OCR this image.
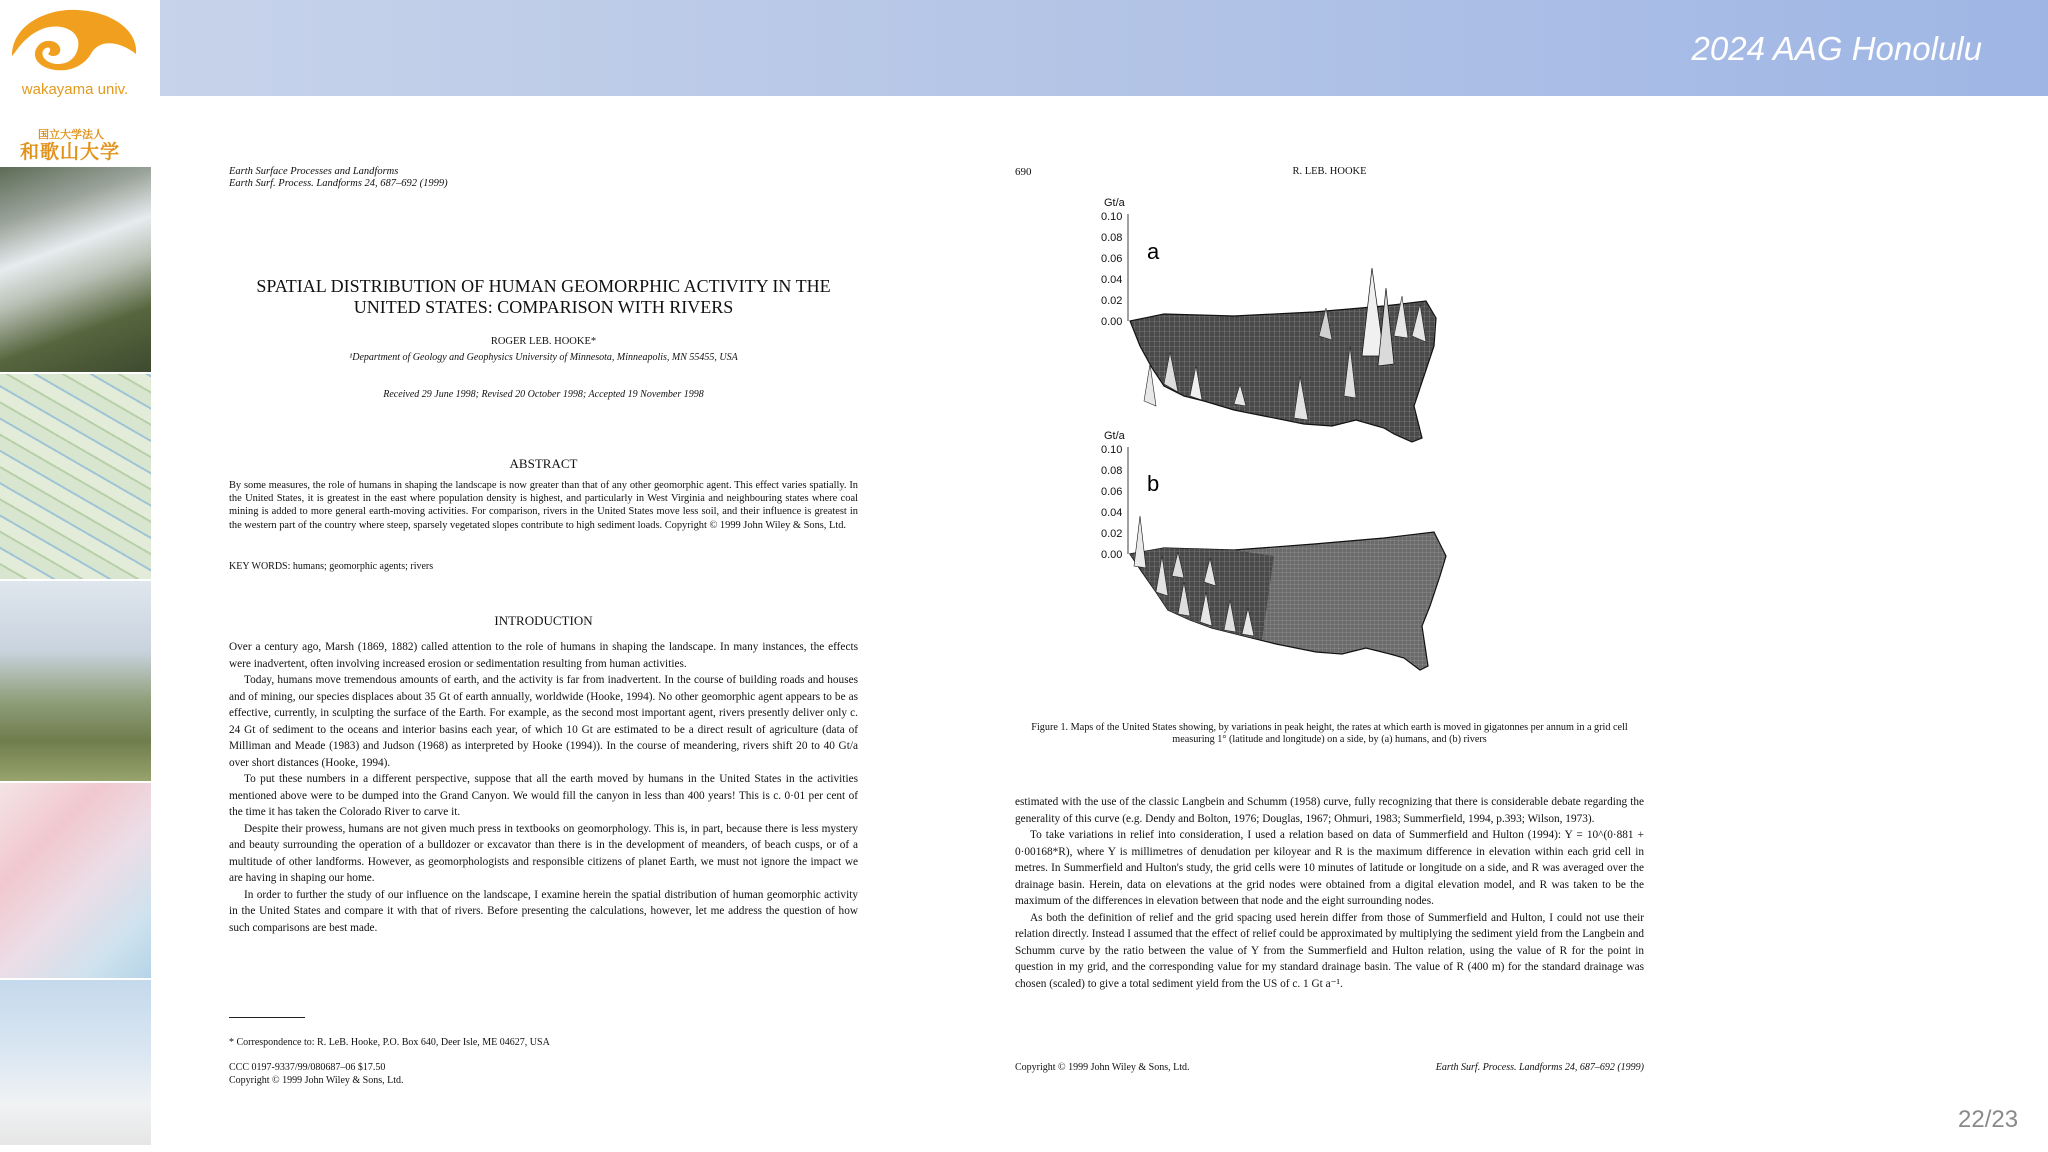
wakayama univ.
国立大学法人
和歌山大学
2024 AAG Honolulu
Earth Surface Processes and Landforms
Earth Surf. Process. Landforms 24, 687–692 (1999)
SPATIAL DISTRIBUTION OF HUMAN GEOMORPHIC ACTIVITY IN THE UNITED STATES: COMPARISON WITH RIVERS
ROGER LEB. HOOKE*
¹Department of Geology and Geophysics University of Minnesota, Minneapolis, MN 55455, USA
Received 29 June 1998; Revised 20 October 1998; Accepted 19 November 1998
ABSTRACT
By some measures, the role of humans in shaping the landscape is now greater than that of any other geomorphic agent. This effect varies spatially. In the United States, it is greatest in the east where population density is highest, and particularly in West Virginia and neighbouring states where coal mining is added to more general earth-moving activities. For comparison, rivers in the United States move less soil, and their influence is greatest in the western part of the country where steep, sparsely vegetated slopes contribute to high sediment loads. Copyright © 1999 John Wiley & Sons, Ltd.
KEY WORDS: humans; geomorphic agents; rivers
INTRODUCTION

Over a century ago, Marsh (1869, 1882) called attention to the role of humans in shaping the landscape. In many instances, the effects were inadvertent, often involving increased erosion or sedimentation resulting from human activities.

Today, humans move tremendous amounts of earth, and the activity is far from inadvertent. In the course of building roads and houses and of mining, our species displaces about 35 Gt of earth annually, worldwide (Hooke, 1994). No other geomorphic agent appears to be as effective, currently, in sculpting the surface of the Earth. For example, as the second most important agent, rivers presently deliver only c. 24 Gt of sediment to the oceans and interior basins each year, of which 10 Gt are estimated to be a direct result of agriculture (data of Milliman and Meade (1983) and Judson (1968) as interpreted by Hooke (1994)). In the course of meandering, rivers shift 20 to 40 Gt/a over short distances (Hooke, 1994).

To put these numbers in a different perspective, suppose that all the earth moved by humans in the United States in the activities mentioned above were to be dumped into the Grand Canyon. We would fill the canyon in less than 400 years! This is c. 0·01 per cent of the time it has taken the Colorado River to carve it.

Despite their prowess, humans are not given much press in textbooks on geomorphology. This is, in part, because there is less mystery and beauty surrounding the operation of a bulldozer or excavator than there is in the development of meanders, of beach cusps, or of a multitude of other landforms. However, as geomorphologists and responsible citizens of planet Earth, we must not ignore the impact we are having in shaping our home.

In order to further the study of our influence on the landscape, I examine herein the spatial distribution of human geomorphic activity in the United States and compare it with that of rivers. Before presenting the calculations, however, let me address the question of how such comparisons are best made.

* Correspondence to: R. LeB. Hooke, P.O. Box 640, Deer Isle, ME 04627, USA
CCC 0197-9337/99/080687–06 $17.50
Copyright © 1999 John Wiley & Sons, Ltd.
690	R. LEB. HOOKE
Gt/a
0.10
0.08
0.06
0.04
0.02
0.00
a
Gt/a
0.10
0.08
0.06
0.04
0.02
0.00
b
Figure 1. Maps of the United States showing, by variations in peak height, the rates at which earth is moved in gigatonnes per annum in a grid cell measuring 1° (latitude and longitude) on a side, by (a) humans, and (b) rivers

estimated with the use of the classic Langbein and Schumm (1958) curve, fully recognizing that there is considerable debate regarding the generality of this curve (e.g. Dendy and Bolton, 1976; Douglas, 1967; Ohmuri, 1983; Summerfield, 1994, p.393; Wilson, 1973).

To take variations in relief into consideration, I used a relation based on data of Summerfield and Hulton (1994): Y = 10^(0·881 + 0·00168*R), where Y is millimetres of denudation per kiloyear and R is the maximum difference in elevation within each grid cell in metres. In Summerfield and Hulton's study, the grid cells were 10 minutes of latitude or longitude on a side, and R was averaged over the drainage basin. Herein, data on elevations at the grid nodes were obtained from a digital elevation model, and R was taken to be the maximum of the differences in elevation between that node and the eight surrounding nodes.

As both the definition of relief and the grid spacing used herein differ from those of Summerfield and Hulton, I could not use their relation directly. Instead I assumed that the effect of relief could be approximated by multiplying the sediment yield from the Langbein and Schumm curve by the ratio between the value of Y from the Summerfield and Hulton relation, using the value of R for the point in question in my grid, and the corresponding value for my standard drainage basin. The value of R (400 m) for the standard drainage was chosen (scaled) to give a total sediment yield from the US of c. 1 Gt a⁻¹.

Copyright © 1999 John Wiley & Sons, Ltd.	Earth Surf. Process. Landforms 24, 687–692 (1999)
22/23
